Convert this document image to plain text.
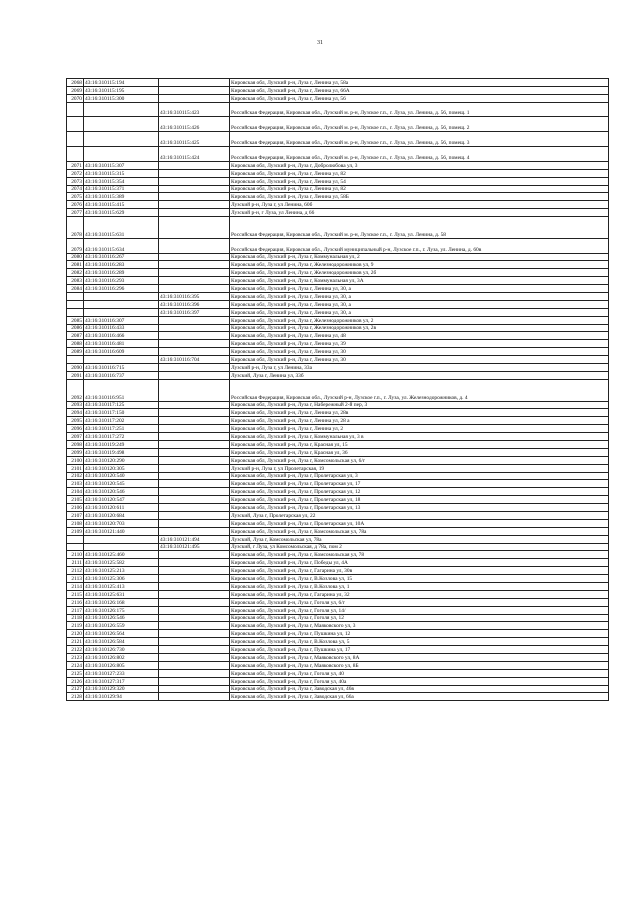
31
2068	43:16:310115:194		Кировская обл, Лузский р-н, Луза г, Ленина ул, 58а
2069	43:16:310115:195		Кировская обл, Лузский р-н, Луза г, Ленина ул, 66А
2070	43:16:310115:300		Кировская обл, Лузский р-н, Луза г, Ленина ул, 56
		43:16:310115:423	Российская Федерация, Кировская обл., Лузский м. р-н, Лузское г.п., г. Луза, ул. Ленина, д. 56, помещ. 1
		43:16:310115:426	Российская Федерация, Кировская обл., Лузский м. р-н, Лузское г.п., г. Луза, ул. Ленина, д. 56, помещ. 2
		43:16:310115:425	Российская Федерация, Кировская обл., Лузский м. р-н, Лузское г.п., г. Луза, ул. Ленина, д. 56, помещ. 3
		43:16:310115:424	Российская Федерация, Кировская обл., Лузский м. р-н, Лузское г.п., г. Луза, ул. Ленина, д. 56, помещ. 4
2071	43:16:310115:307		Кировская обл, Лузский р-н, Луза г, Добролюбова ул, 3
2072	43:16:310115:315		Кировская обл, Лузский р-н, Луза г, Ленина ул, 82
2073	43:16:310115:354		Кировская обл, Лузский р-н, Луза г, Ленина ул, 54
2074	43:16:310115:371		Кировская обл, Лузский р-н, Луза г, Ленина ул, 82
2075	43:16:310115:389		Кировская обл, Лузский р-н, Луза г, Ленина ул, 58Б
2076	43:16:310115:415		Лузский р-н, Луза г, ул Ленина, 60б
2077	43:16:310115:629		Лузский р-н, г Луза, ул Ленина, д 66
2078	43:16:310115:631		Российская Федерация, Кировская обл., Лузский м. р-н, Лузское г.п., г. Луза, ул. Ленина, д. 58
2079	43:16:310115:634		Российская Федерация, Кировская обл., Лузский муниципальный р-н, Лузское г.п., г. Луза, ул. Ленина, д. 60в
2080	43:16:310116:267		Кировская обл, Лузский р-н, Луза г, Коммунальная ул, 2
2081	43:16:310116:283		Кировская обл, Лузский р-н, Луза г, Железнодорожников ул, 9
2082	43:16:310116:289		Кировская обл, Лузский р-н, Луза г, Железнодорожников ул, 2б
2083	43:16:310116:293		Кировская обл, Лузский р-н, Луза г, Коммунальная ул, 3А
2084	43:16:310116:296		Кировская обл, Лузский р-н, Луза г, Ленина ул, 30, а
		43:16:310116:395	Кировская обл, Лузский р-н, Луза г, Ленина ул, 30, а
		43:16:310116:396	Кировская обл, Лузский р-н, Луза г, Ленина ул, 30, а
		43:16:310116:397	Кировская обл, Лузский р-н, Луза г, Ленина ул, 30, а
2085	43:16:310116:307		Кировская обл, Лузский р-н, Луза г, Железнодорожников ул, 2
2086	43:16:310116:433		Кировская обл, Лузский р-н, Луза г, Железнодорожников ул, 2в
2087	43:16:310116:466		Кировская обл, Лузский р-н, Луза г, Ленина ул, 48
2088	43:16:310116:481		Кировская обл, Лузский р-н, Луза г, Ленина ул, 39
2089	43:16:310116:609		Кировская обл, Лузский р-н, Луза г, Ленина ул, 30
		43:16:310116:704	Кировская обл, Лузский р-н, Луза г, Ленина ул, 30
2090	43:16:310116:715		Лузский р-н, Луза г, ул Ленина, 33а
2091	43:16:310116:737		Лузский, Луза г, Ленина ул, 33б
2092	43:16:310116:951		Российская Федерация, Кировская обл., Лузский р-н, Лузское г.п., г. Луза, ул. Железнодорожников, д. 4
2093	43:16:310117:125		Кировская обл, Лузский р-н, Луза г, Набережный 2-й пер, 3
2094	43:16:310117:150		Кировская обл, Лузский р-н, Луза г, Ленина ул, 28в
2095	43:16:310117:202		Кировская обл, Лузский р-н, Луза г, Ленина ул, 28 а
2096	43:16:310117:251		Кировская обл, Лузский р-н, Луза г, Ленина ул, 2
2097	43:16:310117:272		Кировская обл, Лузский р-н, Луза г, Коммунальная ул, 3 в
2098	43:16:310119:249		Кировская обл, Лузский р-н, Луза г, Красная ул, 15
2099	43:16:310119:498		Кировская обл, Лузский р-н, Луза г, Красная ул, 36
2100	43:16:310120:290		Кировская обл, Лузский р-н, Луза г, Комсомольская ул, 6/г
2101	43:16:310120:305		Лузский р-н, Луза г, ул Пролетарская, 19
2102	43:16:310120:540		Кировская обл, Лузский р-н, Луза г, Пролетарская ул, 3
2103	43:16:310120:545		Кировская обл, Лузский р-н, Луза г, Пролетарская ул, 17
2104	43:16:310120:546		Кировская обл, Лузский р-н, Луза г, Пролетарская ул, 12
2105	43:16:310120:547		Кировская обл, Лузский р-н, Луза г, Пролетарская ул, 18
2106	43:16:310120:611		Кировская обл, Лузский р-н, Луза г, Пролетарская ул, 13
2107	43:16:310120:684		Лузский, Луза г, Пролетарская ул, 22
2108	43:16:310120:703		Кировская обл, Лузский р-н, Луза г, Пролетарская ул, 10А
2109	43:16:310121:440		Кировская обл, Лузский р-н, Луза г, Комсомольская ул, 78а
		43:16:310121:494	Лузский, Луза г, Комсомольская ул, 78а
		43:16:310121:495	Лузский, г Луза, ул Комсомольская, д 78а, пом 2
2110	43:16:310125:460		Кировская обл, Лузский р-н, Луза г, Комсомольская ул, 78
2111	43:16:310125:582		Кировская обл, Лузский р-н, Луза г, Победы ул, 4А
2112	43:16:310125:213		Кировская обл, Лузский р-н, Луза г, Гагарина ул, 30в
2113	43:16:310125:306		Кировская обл, Лузский р-н, Луза г, В.Козлова ул, 15
2114	43:16:310125:413		Кировская обл, Лузский р-н, Луза г, В.Козлова ул, 1
2115	43:16:310125:631		Кировская обл, Лузский р-н, Луза г, Гагарина ул, 32
2116	43:16:310126:168		Кировская обл, Лузский р-н, Луза г, Гоголя ул, 6/г
2117	43:16:310126:175		Кировская обл, Лузский р-н, Луза г, Гоголя ул, 14/
2118	43:16:310126:546		Кировская обл, Лузский р-н, Луза г, Гоголя ул, 12
2119	43:16:310126:559		Кировская обл, Лузский р-н, Луза г, Маяковского ул, 3
2120	43:16:310126:564		Кировская обл, Лузский р-н, Луза г, Пушкина ул, 12
2121	43:16:310126:584		Кировская обл, Лузский р-н, Луза г, В.Козлова ул, 5
2122	43:16:310126:730		Кировская обл, Лузский р-н, Луза г, Пушкина ул, 17
2123	43:16:310126:802		Кировская обл, Лузский р-н, Луза г, Маяковского ул, 8А
2124	43:16:310126:805		Кировская обл, Лузский р-н, Луза г, Маяковского ул, 8Б
2125	43:16:310127:233		Кировская обл, Лузский р-н, Луза г, Гоголя ул, 40
2126	43:16:310127:317		Кировская обл, Лузский р-н, Луза г, Гоголя ул, 40а
2127	43:16:310129:320		Кировская обл, Лузский р-н, Луза г, Заводская ул, 46в
2128	43:16:310129:94		Кировская обл, Лузский р-н, Луза г, Заводская ул, 66а
